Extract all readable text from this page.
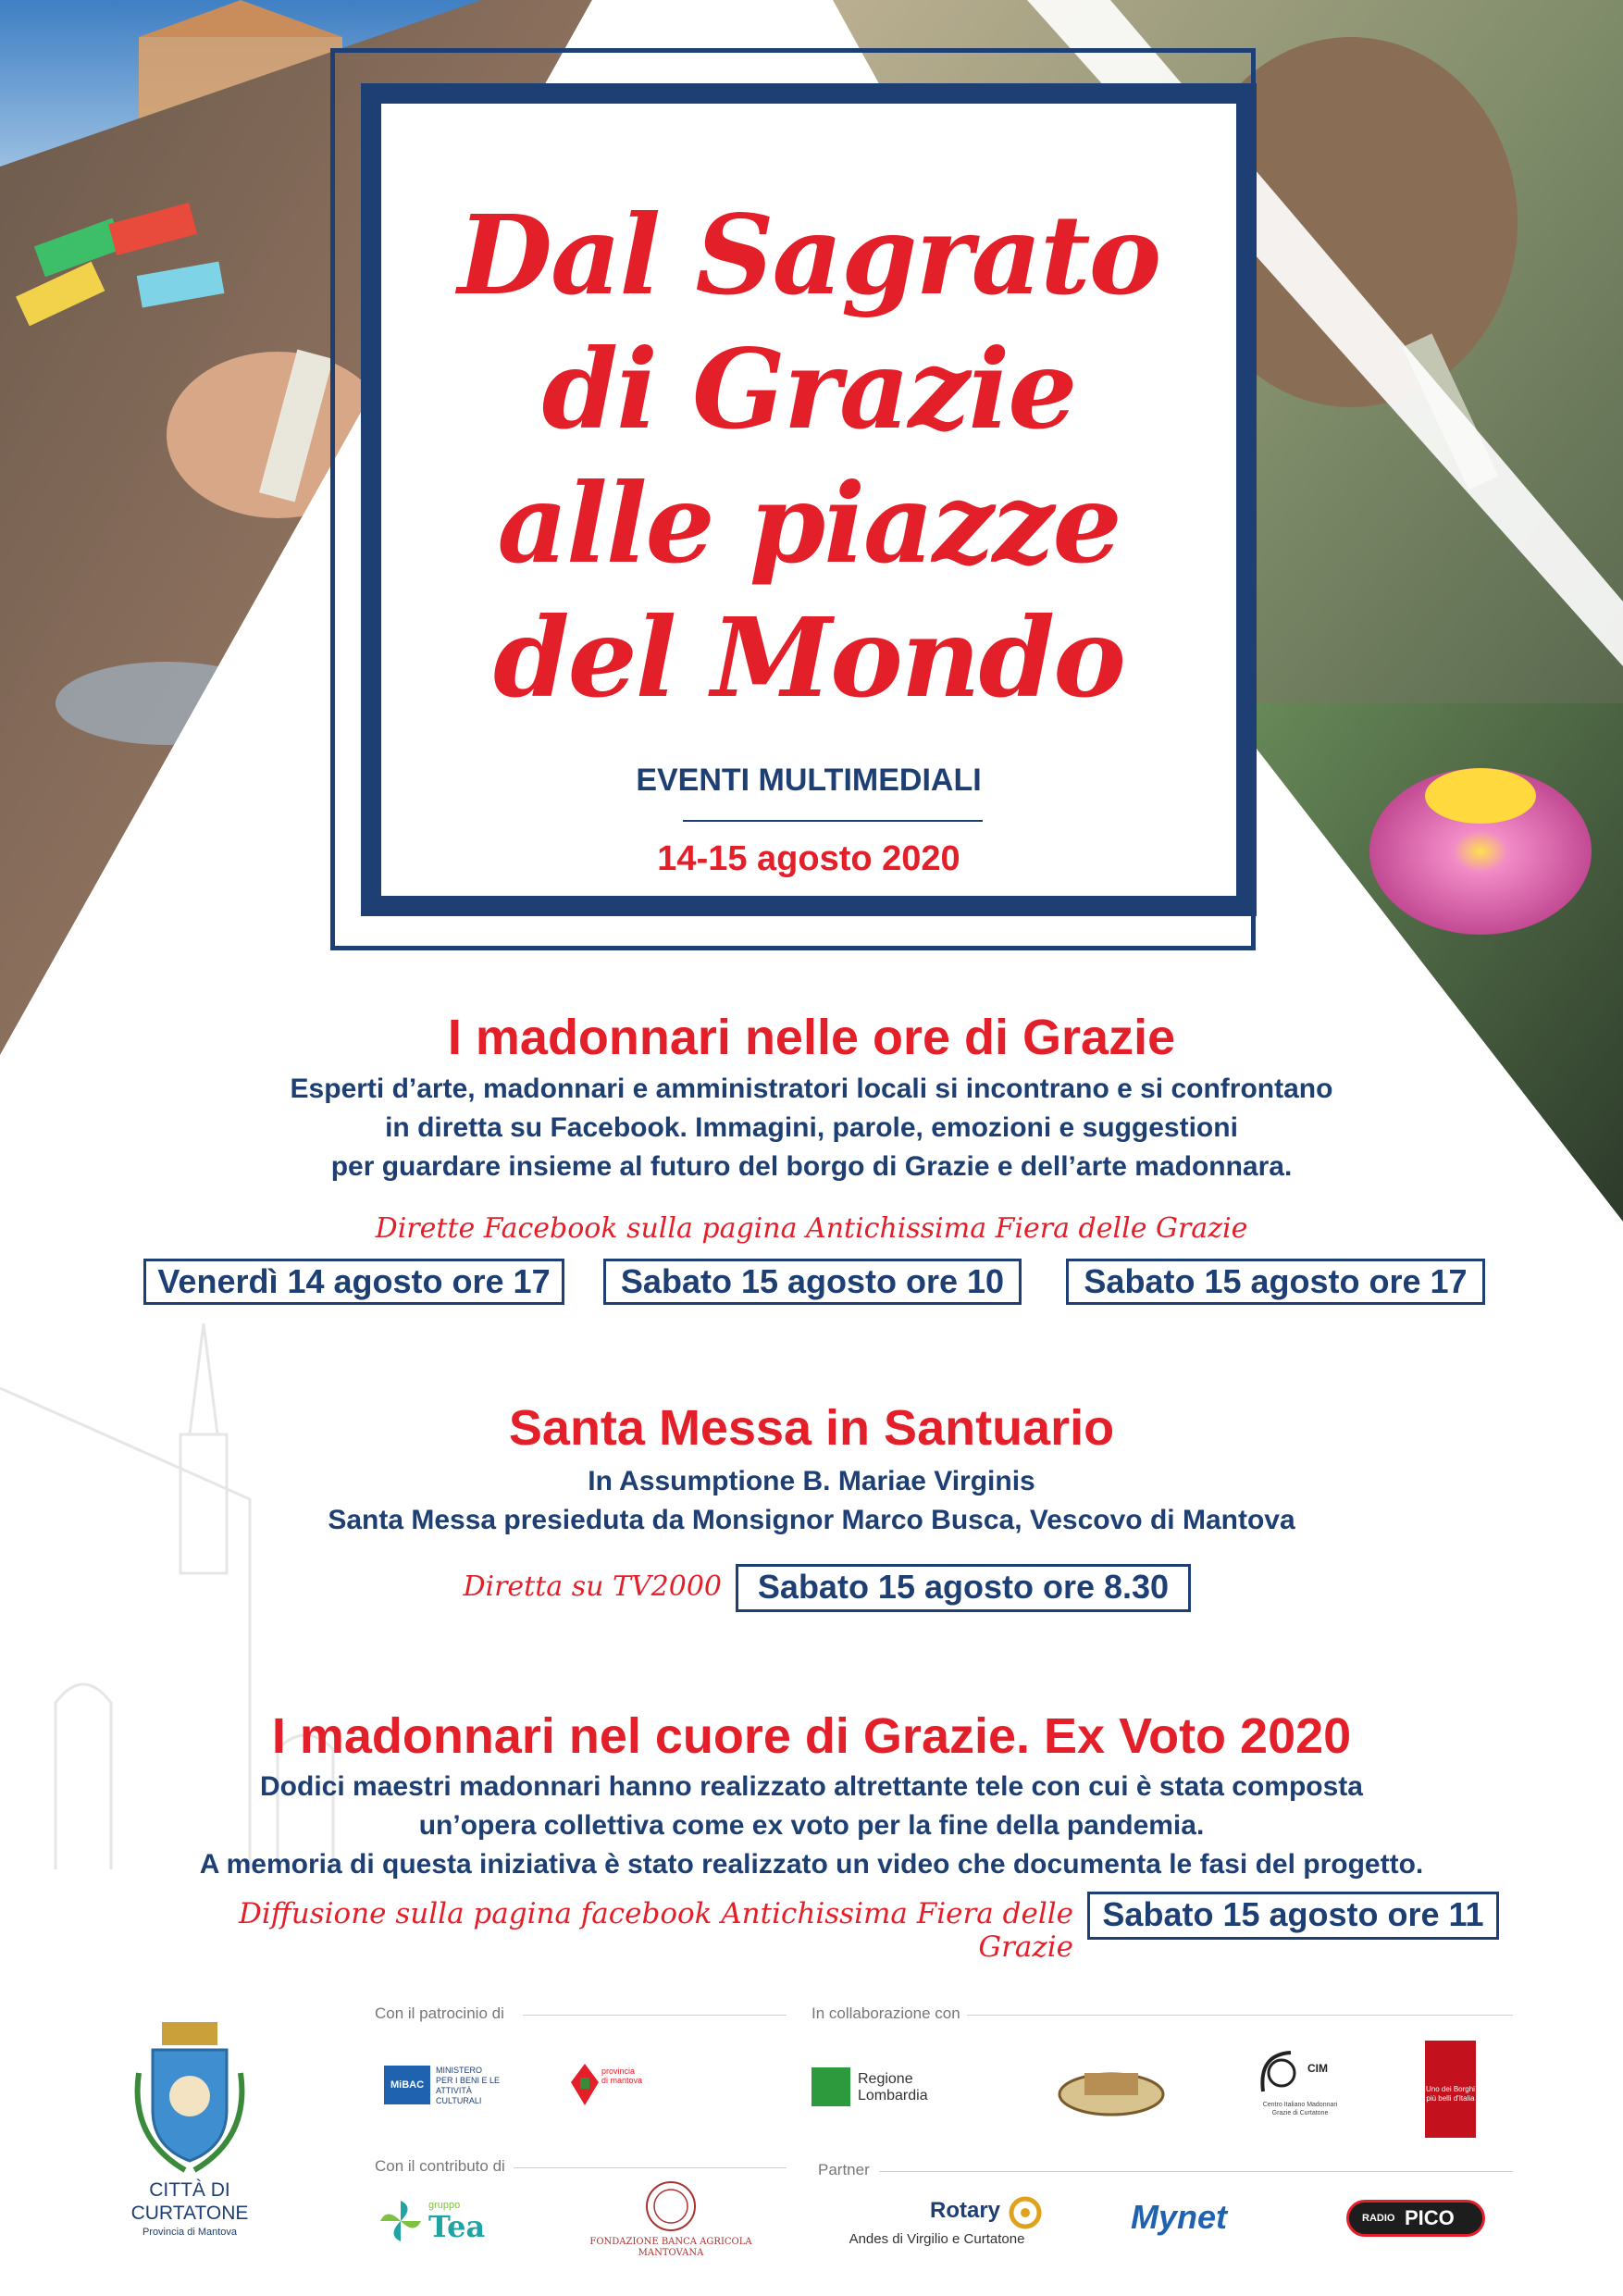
Dal Sagrato
di Grazie
alle piazze
del Mondo
EVENTI MULTIMEDIALI
14-15 agosto 2020
I madonnari nelle ore di Grazie
Esperti d’arte, madonnari e amministratori locali si incontrano e si confrontano
in diretta su Facebook. Immagini, parole, emozioni e suggestioni
per guardare insieme al futuro del borgo di Grazie e dell’arte madonnara.
Dirette Facebook sulla pagina Antichissima Fiera delle Grazie
Venerdì 14 agosto ore 17	Sabato 15 agosto ore 10	Sabato 15 agosto ore 17
Santa Messa in Santuario
In Assumptione B. Mariae Virginis
Santa Messa presieduta da Monsignor Marco Busca, Vescovo di Mantova
Diretta su TV2000	Sabato 15 agosto ore 8.30
I madonnari nel cuore di Grazie. Ex Voto 2020
Dodici maestri madonnari hanno realizzato altrettante tele con cui è stata composta
un’opera collettiva come ex voto per la fine della pandemia.
A memoria di questa iniziativa è stato realizzato un video che documenta le fasi del progetto.
Diffusione sulla pagina facebook Antichissima Fiera delle Grazie
Sabato 15 agosto ore 11
CITTÀ DI
CURTATONE
Provincia di Mantova
Con il patrocinio di	In collaborazione con
Con il contributo di	Partner
MiBAC
MINISTERO PER I BENI E LE ATTIVITÀ CULTURALI
provincia di mantova	Regione Lombardia
CIM
Centro Italiano Madonnari Grazie di Curtatone
Uno dei Borghi più belli d'Italia
gruppo
Tea	FONDAZIONE BANCA AGRICOLA MANTOVANA
Rotary
Andes di Virgilio e Curtatone
Mynet	RADIO PICO
